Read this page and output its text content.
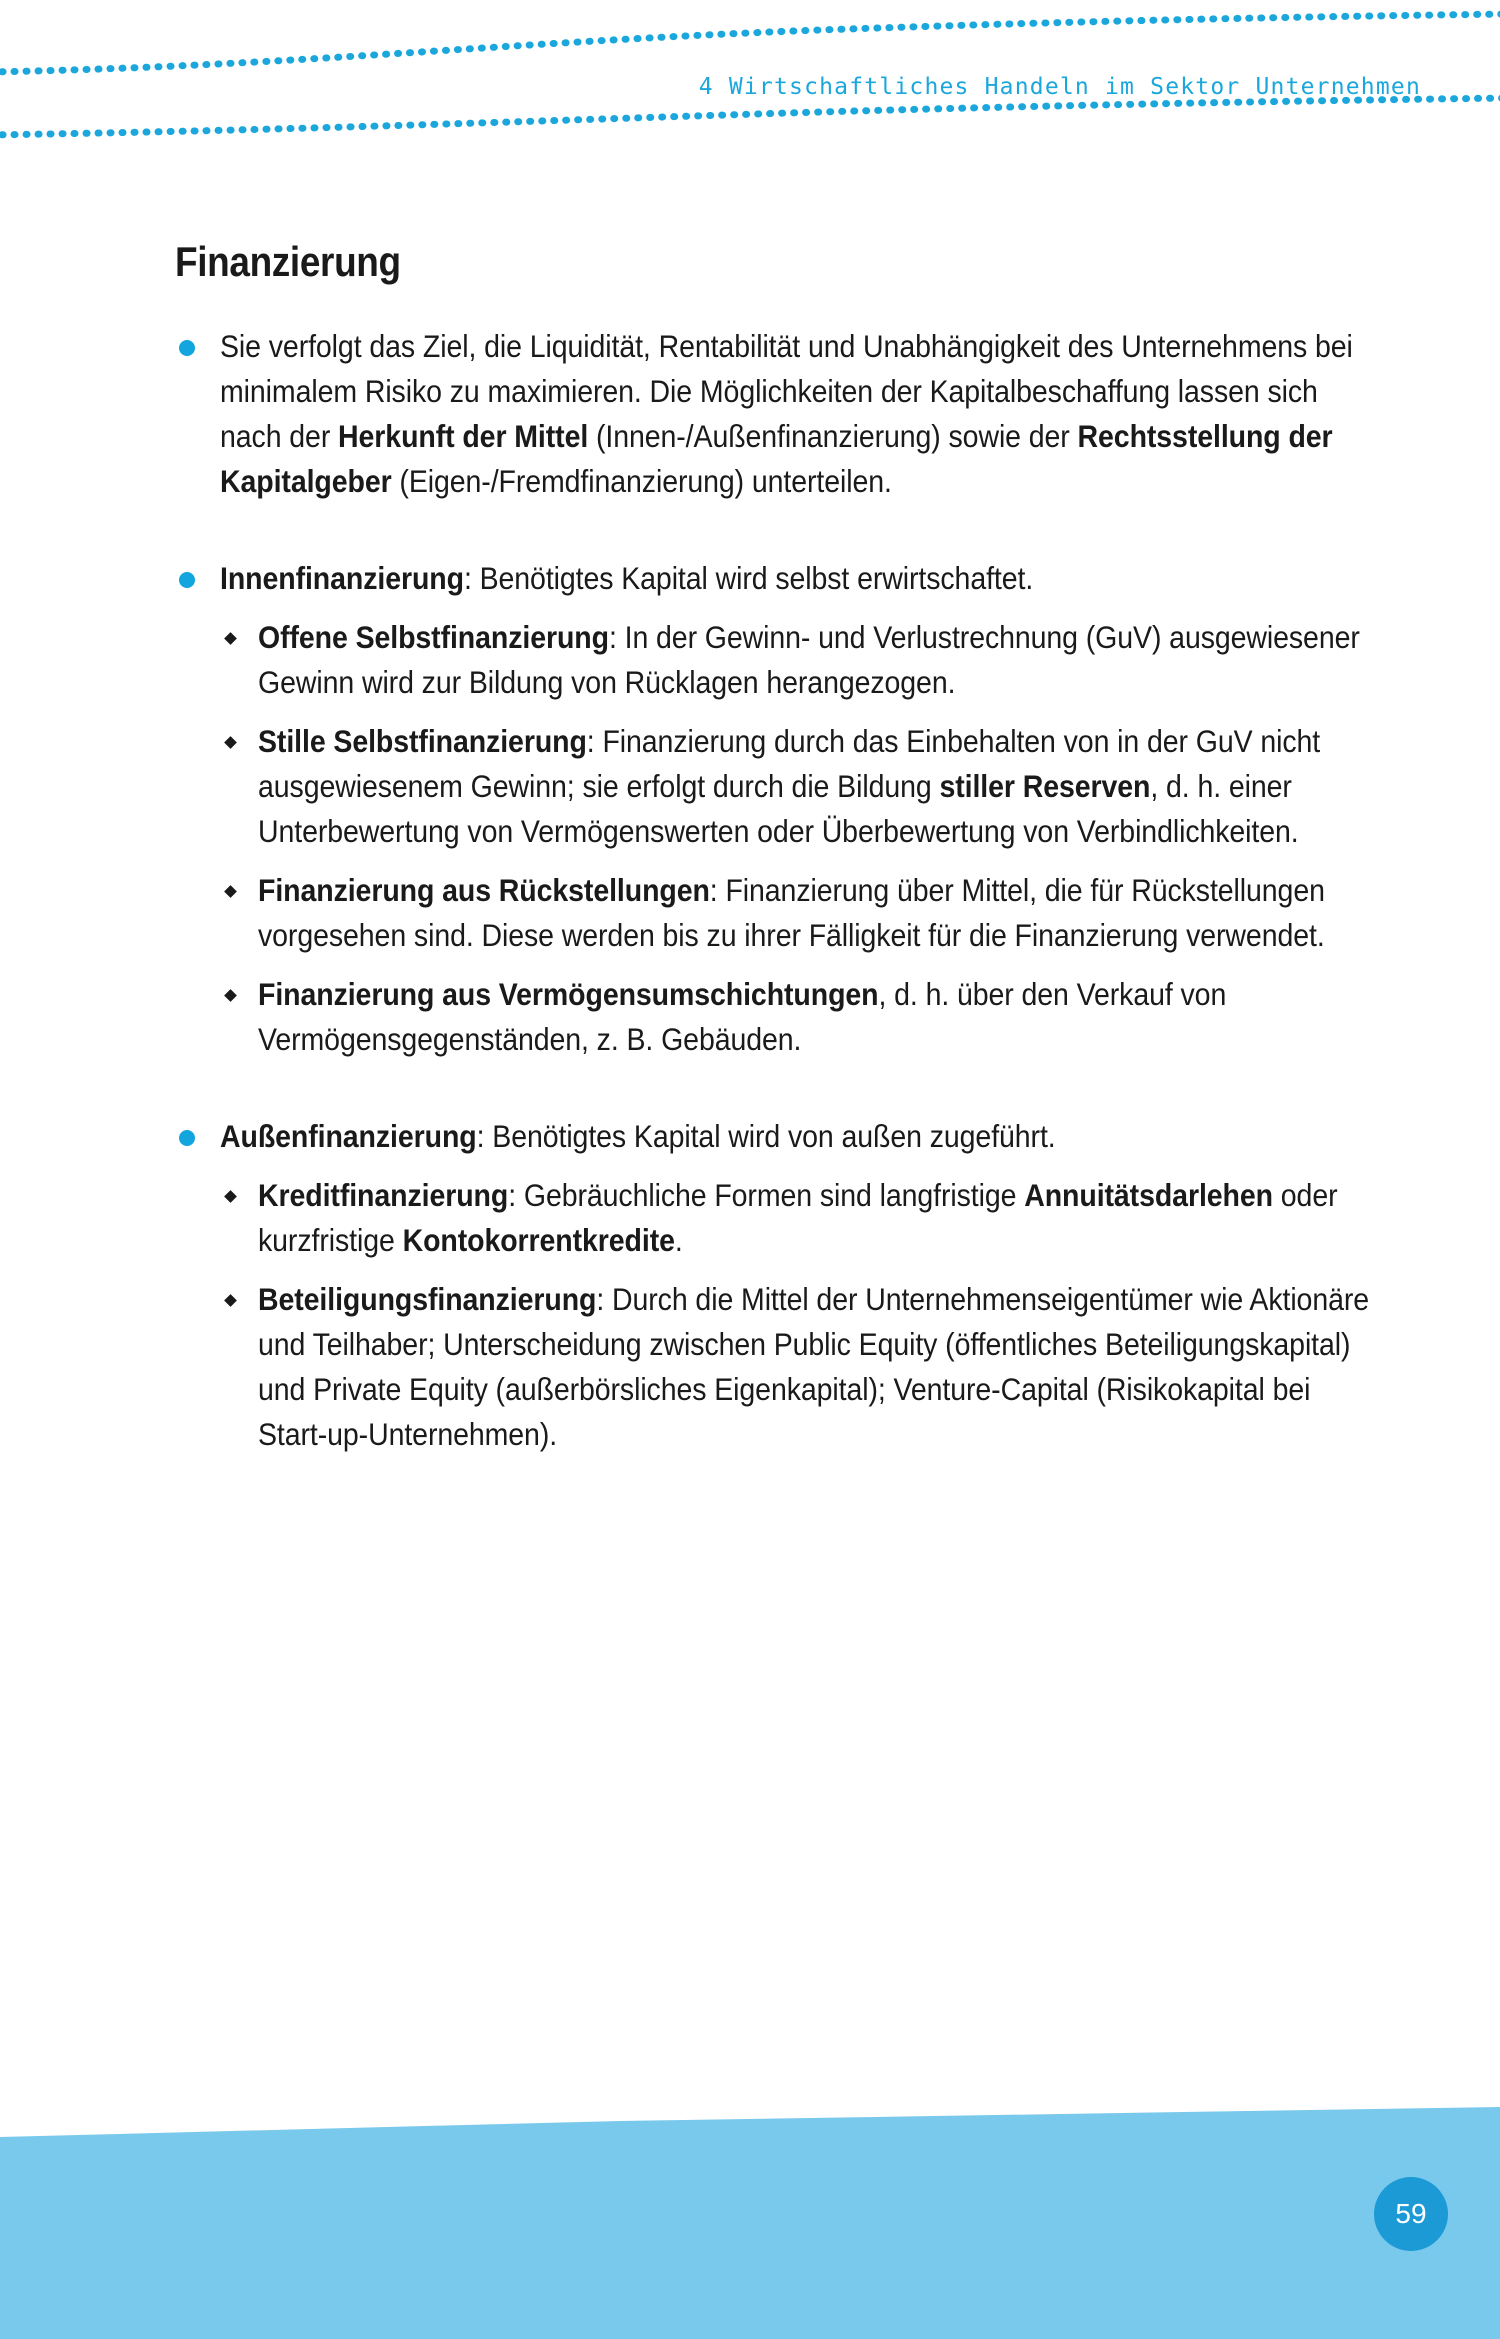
4 Wirtschaftliches Handeln im Sektor Unternehmen
Finanzierung
Sie verfolgt das Ziel, die Liquidität, Rentabilität und Unabhängigkeit des Unternehmens bei minimalem Risiko zu maximieren. Die Möglichkeiten der Kapitalbeschaffung lassen sich nach der Herkunft der Mittel (Innen-/Außenfinanzierung) sowie der Rechtsstellung der Kapitalgeber (Eigen-/Fremdfinanzierung) unterteilen.
Innenfinanzierung: Benötigtes Kapital wird selbst erwirtschaftet.
Offene Selbstfinanzierung: In der Gewinn- und Verlustrechnung (GuV) ausgewiesener Gewinn wird zur Bildung von Rücklagen herangezogen.
Stille Selbstfinanzierung: Finanzierung durch das Einbehalten von in der GuV nicht ausgewiesenem Gewinn; sie erfolgt durch die Bildung stiller Reserven, d. h. einer Unterbewertung von Vermögenswerten oder Überbewertung von Verbindlichkeiten.
Finanzierung aus Rückstellungen: Finanzierung über Mittel, die für Rückstellungen vorgesehen sind. Diese werden bis zu ihrer Fälligkeit für die Finanzierung verwendet.
Finanzierung aus Vermögensumschichtungen, d. h. über den Verkauf von Vermögensgegenständen, z. B. Gebäuden.
Außenfinanzierung: Benötigtes Kapital wird von außen zugeführt.
Kreditfinanzierung: Gebräuchliche Formen sind langfristige Annuitätsdarlehen oder kurzfristige Kontokorrentkredite.
Beteiligungsfinanzierung: Durch die Mittel der Unternehmenseigentümer wie Aktionäre und Teilhaber; Unterscheidung zwischen Public Equity (öffentliches Beteiligungskapital) und Private Equity (außerbörsliches Eigenkapital); Venture-Capital (Risikokapital bei Start-up-Unternehmen).
59
